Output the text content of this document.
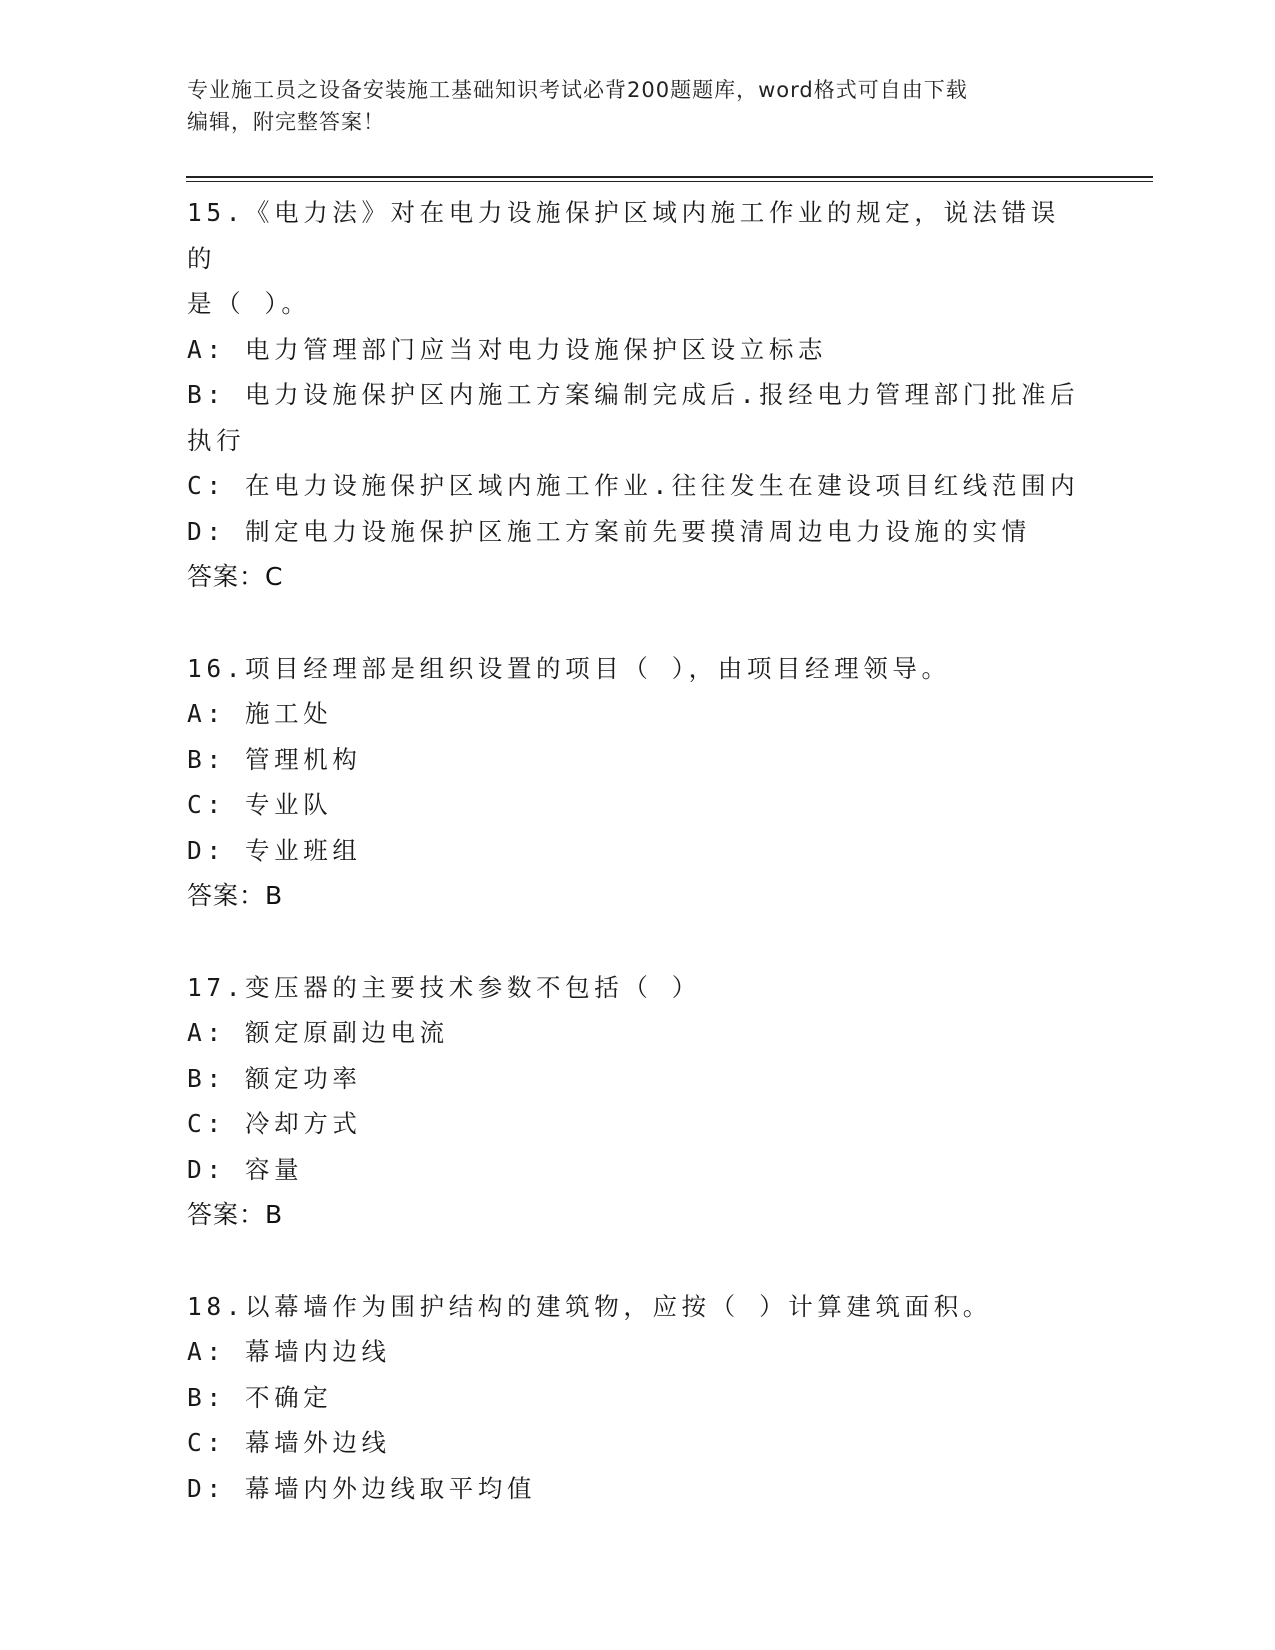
专业施工员之设备安装施工基础知识考试必背200题题库，word格式可自由下载
编辑，附完整答案！
15.《电力法》对在电力设施保护区域内施工作业的规定，说法错误的
是（ ）。
A: 电力管理部门应当对电力设施保护区设立标志
B: 电力设施保护区内施工方案编制完成后.报经电力管理部门批准后
执行
C: 在电力设施保护区域内施工作业.往往发生在建设项目红线范围内
D: 制定电力设施保护区施工方案前先要摸清周边电力设施的实情
答案：C
16.项目经理部是组织设置的项目（ ），由项目经理领导。
A: 施工处
B: 管理机构
C: 专业队
D: 专业班组
答案：B
17.变压器的主要技术参数不包括（ ）
A: 额定原副边电流
B: 额定功率
C: 冷却方式
D: 容量
答案：B
18.以幕墙作为围护结构的建筑物，应按（ ）计算建筑面积。
A: 幕墙内边线
B: 不确定
C: 幕墙外边线
D: 幕墙内外边线取平均值
